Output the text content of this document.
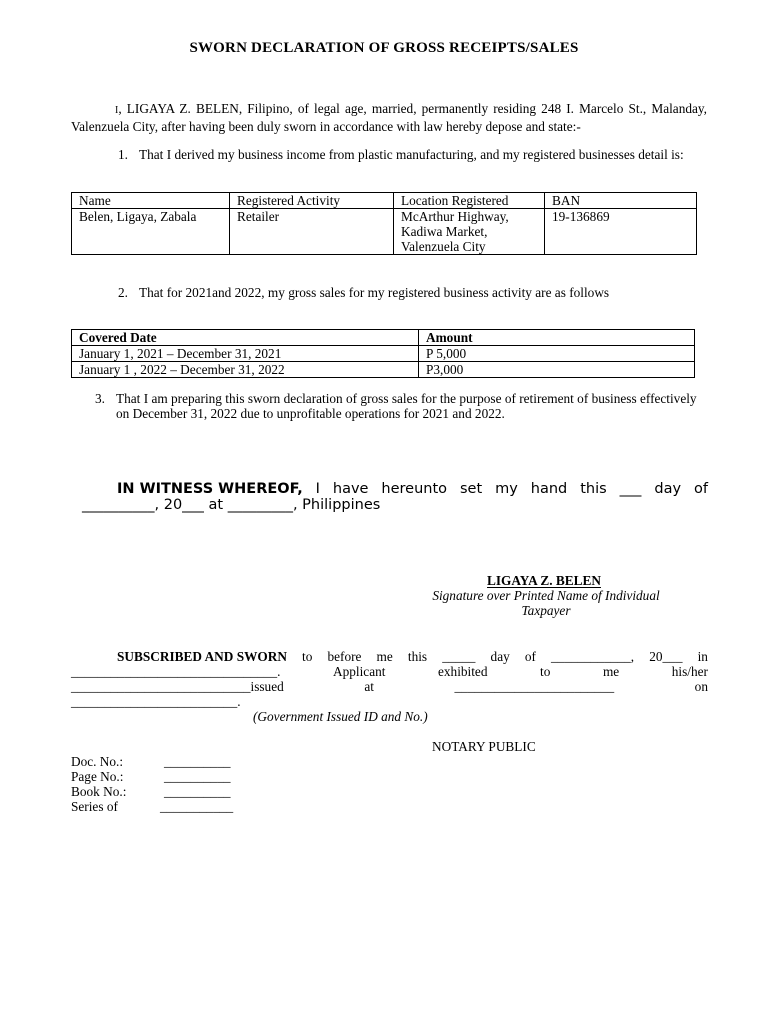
SWORN DECLARATION OF GROSS RECEIPTS/SALES
I, LIGAYA Z. BELEN, Filipino, of legal age, married, permanently residing 248 I. Marcelo St., Malanday, Valenzuela City, after having been duly sworn in accordance with law hereby depose and state:-
1. That I derived my business income from plastic manufacturing, and my registered businesses detail is:
Name	Registered Activity	Location Registered	BAN
Belen, Ligaya, Zabala	Retailer	McArthur Highway,
Kadiwa Market,
Valenzuela City	19-136869
2. That for 2021and 2022, my gross sales for my registered business activity are as follows
Covered Date	Amount
January 1, 2021 – December 31, 2021	P 5,000
January 1 , 2022 – December 31, 2022	P3,000
3. That I am preparing this sworn declaration of gross sales for the purpose of retirement of business effectively on December 31, 2022 due to unprofitable operations for 2021 and 2022.
IN WITNESS WHEREOF, I have hereunto set my hand this ___ day of
__________, 20___ at _________, Philippines
LIGAYA Z. BELEN
Signature over Printed Name of Individual
Taxpayer
SUBSCRIBED AND SWORN to before me this _____ day of ____________, 20___ in
_______________________________.	Applicant	exhibited	to	me	his/her
___________________________issued	at	________________________	on
_________________________.
(Government Issued ID and No.)
NOTARY PUBLIC
Doc. No.:	__________
Page No.:	__________
Book No.:	__________
Series of	___________
